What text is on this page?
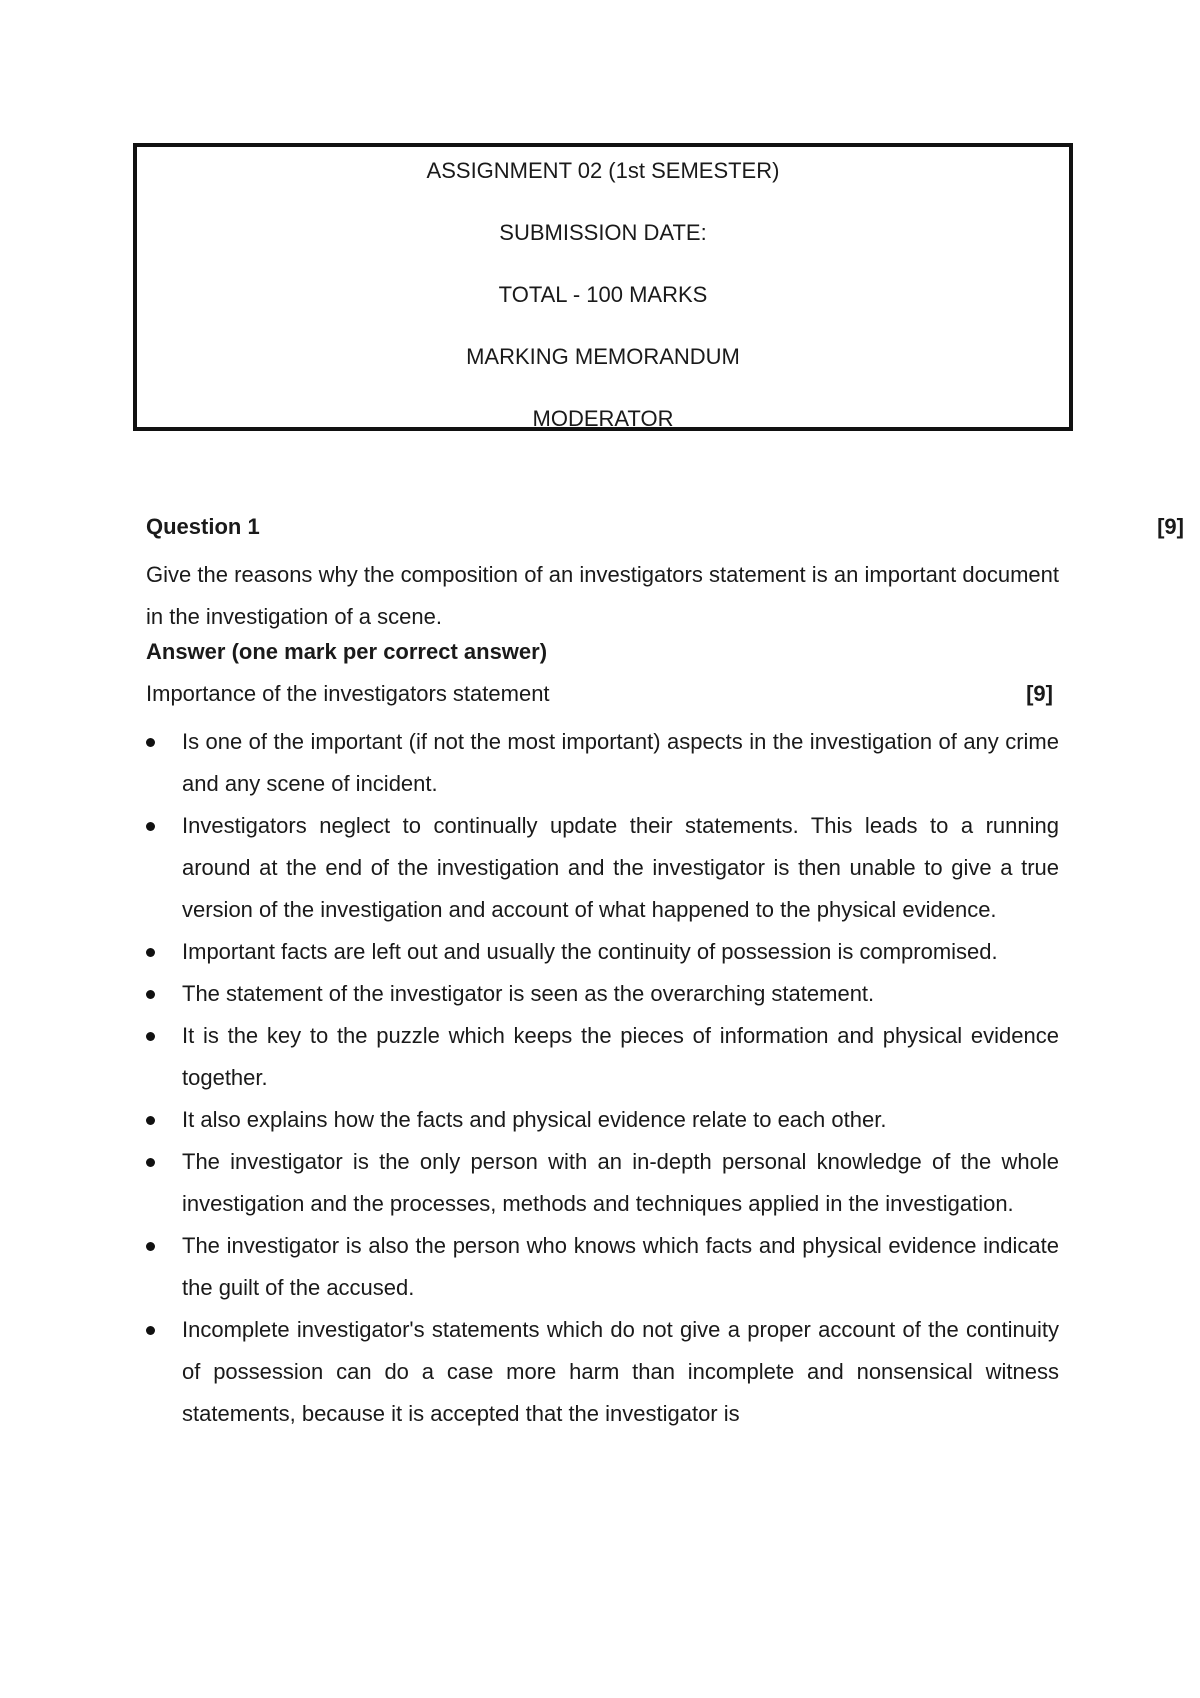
ASSIGNMENT 02 (1st SEMESTER)
SUBMISSION DATE:
TOTAL - 100 MARKS
MARKING MEMORANDUM
MODERATOR
Question 1	[9]
Give the reasons why the composition of an investigators statement is an important document in the investigation of a scene.
Answer (one mark per correct answer)
Importance of the investigators statement	[9]
Is one of the important (if not the most important) aspects in the investigation of any crime and any scene of incident.
Investigators neglect to continually update their statements. This leads to a running around at the end of the investigation and the investigator is then unable to give a true version of the investigation and account of what happened to the physical evidence.
Important facts are left out and usually the continuity of possession is compromised.
The statement of the investigator is seen as the overarching statement.
It is the key to the puzzle which keeps the pieces of information and physical evidence together.
It also explains how the facts and physical evidence relate to each other.
The investigator is the only person with an in-depth personal knowledge of the whole investigation and the processes, methods and techniques applied in the investigation.
The investigator is also the person who knows which facts and physical evidence indicate the guilt of the accused.
Incomplete investigator's statements which do not give a proper account of the continuity of possession can do a case more harm than incomplete and nonsensical witness statements, because it is accepted that the investigator is
